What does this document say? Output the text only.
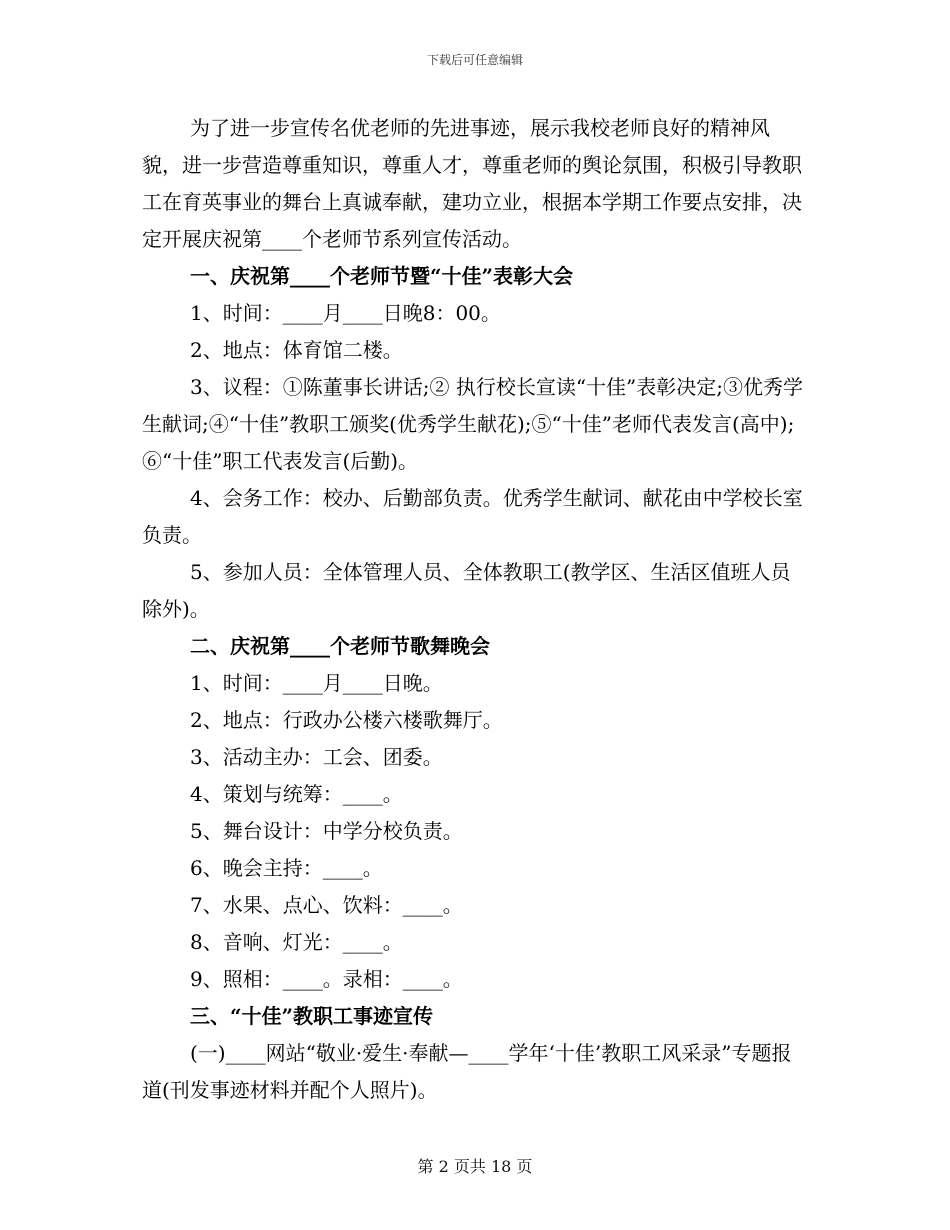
下载后可任意编辑

为了进一步宣传名优老师的先进事迹，展示我校老师良好的精神风貌，进一步营造尊重知识，尊重人才，尊重老师的舆论氛围，积极引导教职工在育英事业的舞台上真诚奉献，建功立业，根据本学期工作要点安排，决定开展庆祝第____个老师节系列宣传活动。

一、庆祝第____个老师节暨“十佳”表彰大会

1、时间：____月____日晚8：00。

2、地点：体育馆二楼。

3、议程：①陈董事长讲话;② 执行校长宣读“十佳”表彰决定;③优秀学生献词;④“十佳”教职工颁奖(优秀学生献花);⑤“十佳”老师代表发言(高中);⑥“十佳”职工代表发言(后勤)。

4、会务工作：校办、后勤部负责。优秀学生献词、献花由中学校长室负责。

5、参加人员：全体管理人员、全体教职工(教学区、生活区值班人员除外)。

二、庆祝第____个老师节歌舞晚会

1、时间：____月____日晚。

2、地点：行政办公楼六楼歌舞厅。

3、活动主办：工会、团委。

4、策划与统筹：____。

5、舞台设计：中学分校负责。

6、晚会主持：____。

7、水果、点心、饮料：____。

8、音响、灯光：____。

9、照相：____。录相：____。

三、“十佳”教职工事迹宣传

(一)____网站“敬业·爱生·奉献—____学年‘十佳’教职工风采录”专题报道(刊发事迹材料并配个人照片)。

第 2 页共 18 页
